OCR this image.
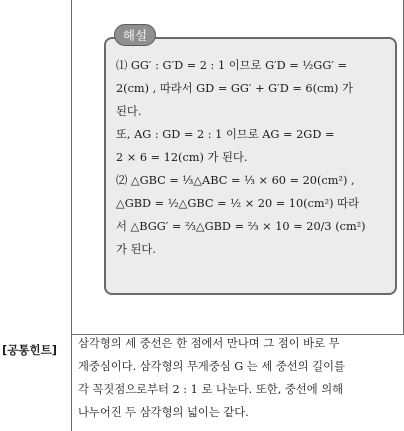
해설
⑴ GG′ : G′D = 2 : 1 이므로 G′D = ½GG′ =
2(cm) , 따라서 GD = GG′ + G′D = 6(cm) 가
된다.
또, AG : GD = 2 : 1 이므로 AG = 2GD =
2 × 6 = 12(cm) 가 된다.
⑵ △GBC = ⅓△ABC = ⅓ × 60 = 20(cm²) ,
△GBD = ½△GBC = ½ × 20 = 10(cm²) 따라
서 △BGG′ = ⅔△GBD = ⅔ × 10 = 20/3 (cm²)
가 된다.
[공통힌트] 삼각형의 세 중선은 한 점에서 만나며 그 점이 바로 무
게중심이다. 삼각형의 무게중심 G 는 세 중선의 길이를
각 꼭짓점으로부터 2 : 1 로 나눈다. 또한, 중선에 의해
나누어진 두 삼각형의 넓이는 같다.
